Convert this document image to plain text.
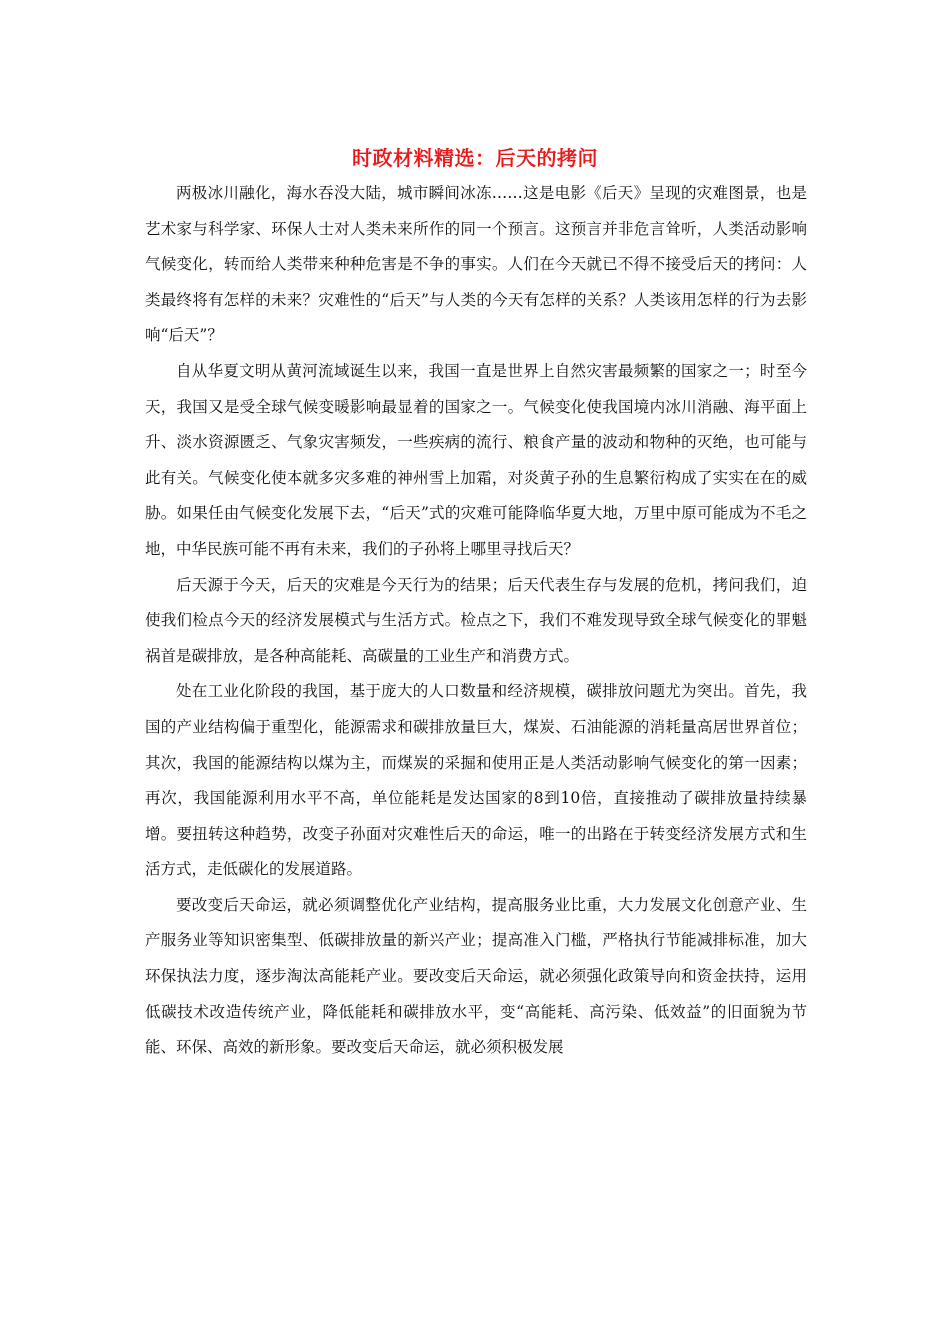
时政材料精选：后天的拷问

两极冰川融化，海水吞没大陆，城市瞬间冰冻……这是电影《后天》呈现的灾难图景，也是艺术家与科学家、环保人士对人类未来所作的同一个预言。这预言并非危言耸听，人类活动影响气候变化，转而给人类带来种种危害是不争的事实。人们在今天就已不得不接受后天的拷问：人类最终将有怎样的未来？灾难性的“后天”与人类的今天有怎样的关系？人类该用怎样的行为去影响“后天”？

自从华夏文明从黄河流域诞生以来，我国一直是世界上自然灾害最频繁的国家之一；时至今天，我国又是受全球气候变暖影响最显着的国家之一。气候变化使我国境内冰川消融、海平面上升、淡水资源匮乏、气象灾害频发，一些疾病的流行、粮食产量的波动和物种的灭绝，也可能与此有关。气候变化使本就多灾多难的神州雪上加霜，对炎黄子孙的生息繁衍构成了实实在在的威胁。如果任由气候变化发展下去，“后天”式的灾难可能降临华夏大地，万里中原可能成为不毛之地，中华民族可能不再有未来，我们的子孙将上哪里寻找后天？

后天源于今天，后天的灾难是今天行为的结果；后天代表生存与发展的危机，拷问我们，迫使我们检点今天的经济发展模式与生活方式。检点之下，我们不难发现导致全球气候变化的罪魁祸首是碳排放，是各种高能耗、高碳量的工业生产和消费方式。

处在工业化阶段的我国，基于庞大的人口数量和经济规模，碳排放问题尤为突出。首先，我国的产业结构偏于重型化，能源需求和碳排放量巨大，煤炭、石油能源的消耗量高居世界首位；其次，我国的能源结构以煤为主，而煤炭的采掘和使用正是人类活动影响气候变化的第一因素；再次，我国能源利用水平不高，单位能耗是发达国家的8到10倍，直接推动了碳排放量持续暴增。要扭转这种趋势，改变子孙面对灾难性后天的命运，唯一的出路在于转变经济发展方式和生活方式，走低碳化的发展道路。

要改变后天命运，就必须调整优化产业结构，提高服务业比重，大力发展文化创意产业、生产服务业等知识密集型、低碳排放量的新兴产业；提高准入门槛，严格执行节能减排标准，加大环保执法力度，逐步淘汰高能耗产业。要改变后天命运，就必须强化政策导向和资金扶持，运用低碳技术改造传统产业，降低能耗和碳排放水平，变“高能耗、高污染、低效益”的旧面貌为节能、环保、高效的新形象。要改变后天命运，就必须积极发展
